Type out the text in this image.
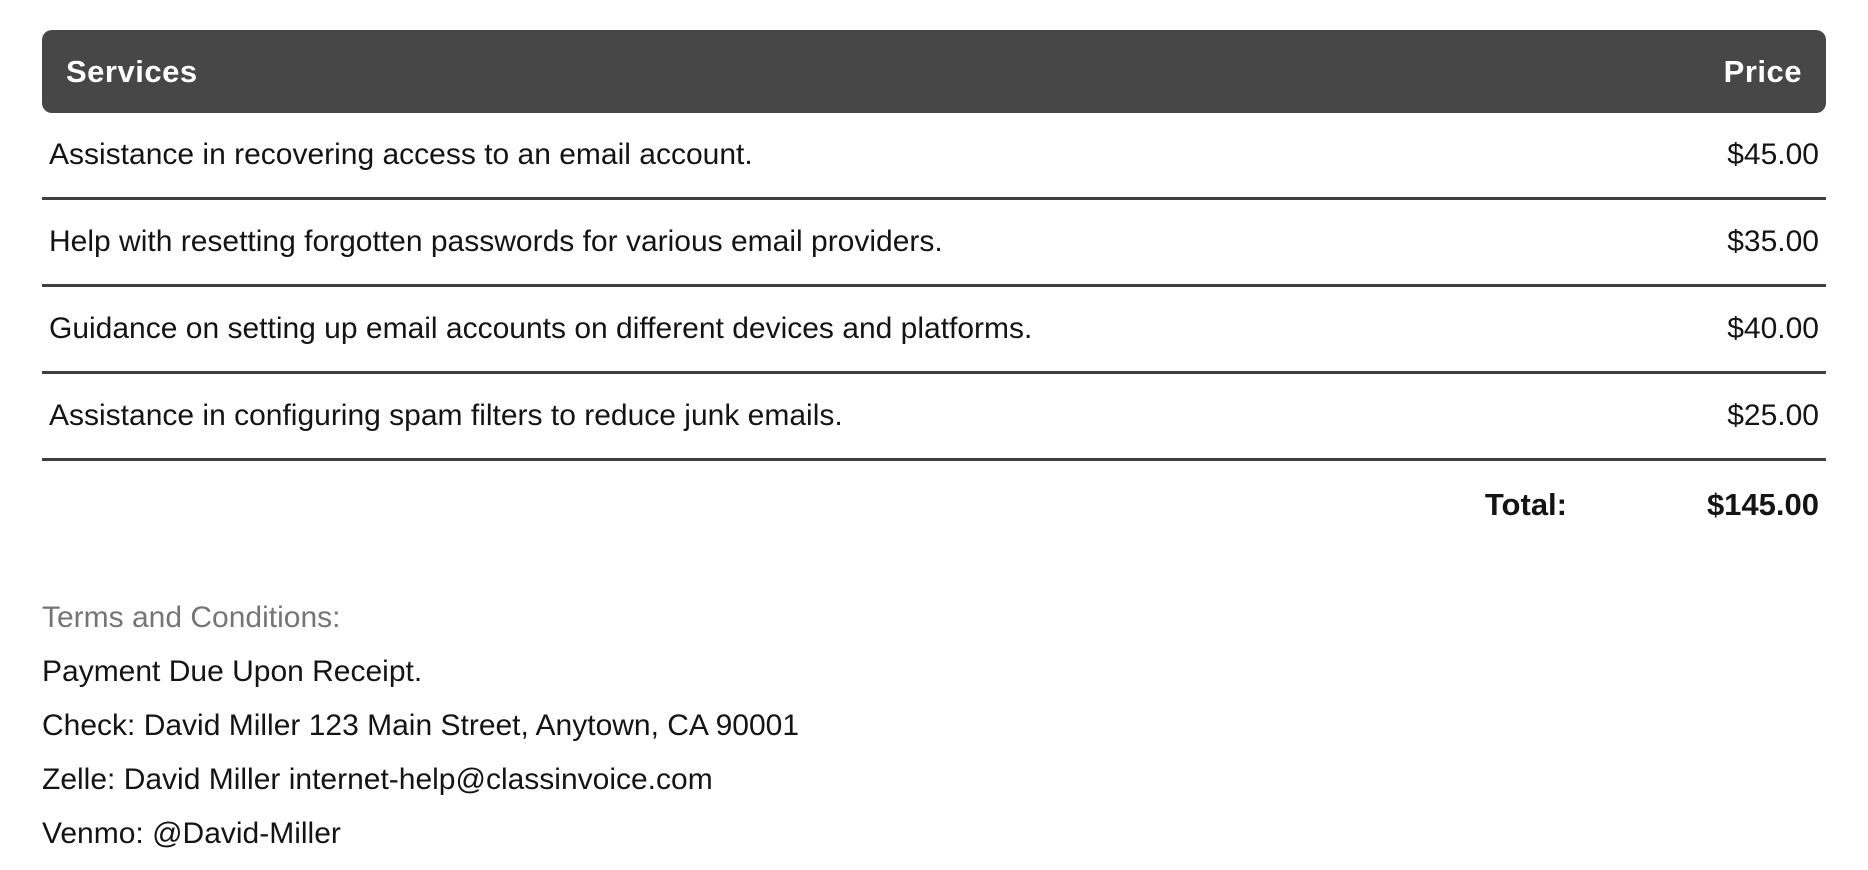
Services	Price
Assistance in recovering access to an email account.	$45.00
Help with resetting forgotten passwords for various email providers.	$35.00
Guidance on setting up email accounts on different devices and platforms.	$40.00
Assistance in configuring spam filters to reduce junk emails.	$25.00
Total:	$145.00
Terms and Conditions:
Payment Due Upon Receipt.
Check: David Miller 123 Main Street, Anytown, CA 90001
Zelle: David Miller internet-help@classinvoice.com
Venmo: @David-Miller
